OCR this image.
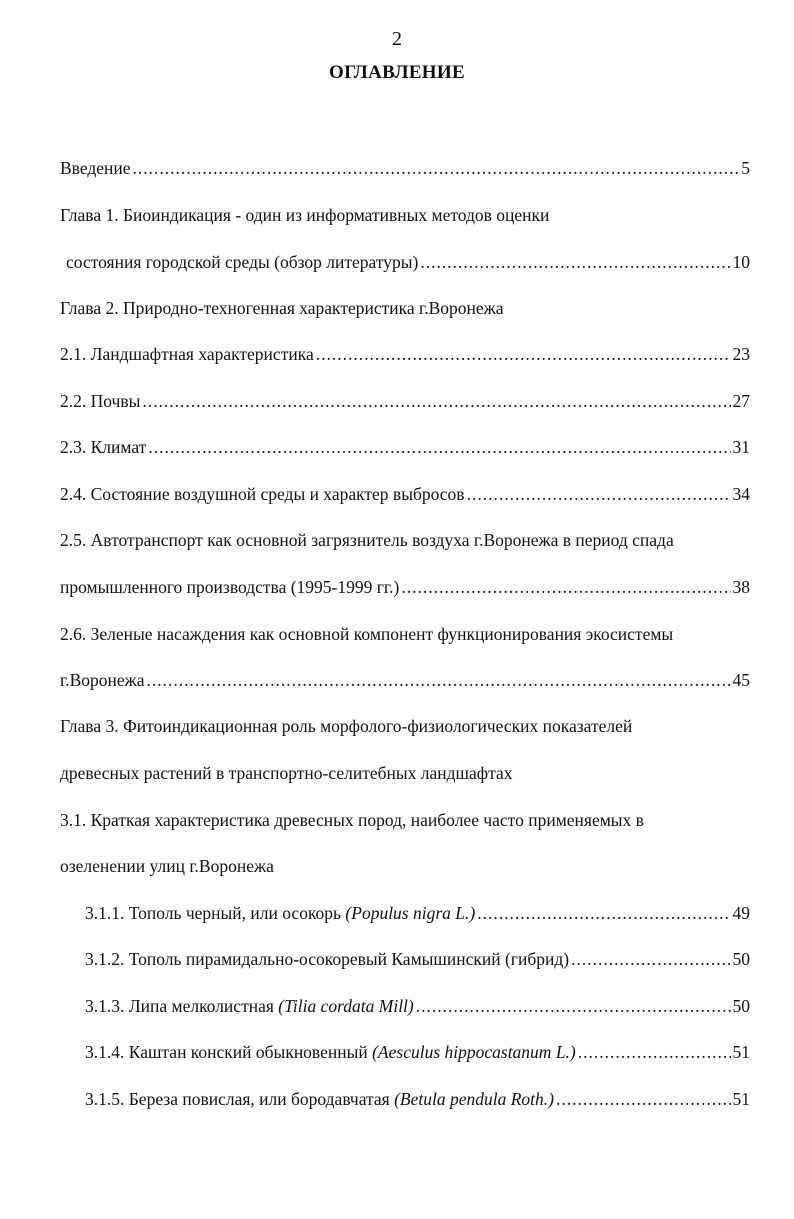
2
ОГЛАВЛЕНИЕ
Введение .....	5
Глава 1. Биоиндикация - один из информативных методов оценки
состояния городской среды (обзор литературы) .....	10
Глава 2. Природно-техногенная характеристика г.Воронежа
2.1. Ландшафтная характеристика .....	23
2.2. Почвы .....	27
2.3. Климат .....	31
2.4. Состояние воздушной среды и характер выбросов .....	34
2.5. Автотранспорт как основной загрязнитель воздуха г.Воронежа в период спада
промышленного производства (1995-1999 гг.) .....	38
2.6. Зеленые насаждения как основной компонент функционирования экосистемы
г.Воронежа .....	45
Глава 3. Фитоиндикационная роль морфолого-физиологических показателей
древесных растений в транспортно-селитебных ландшафтах
3.1. Краткая характеристика древесных пород, наиболее часто применяемых в
озеленении улиц г.Воронежа
3.1.1. Тополь черный, или осокорь (Populus nigra L.) .....	49
3.1.2. Тополь пирамидально-осокоревый Камышинский (гибрид) .....	50
3.1.3. Липа мелколистная (Tilia cordata Mill) .....	50
3.1.4. Каштан конский обыкновенный (Aesculus hippocastanum L.) .....	51
3.1.5. Береза повислая, или бородавчатая (Betula pendula Roth.) .....	51
